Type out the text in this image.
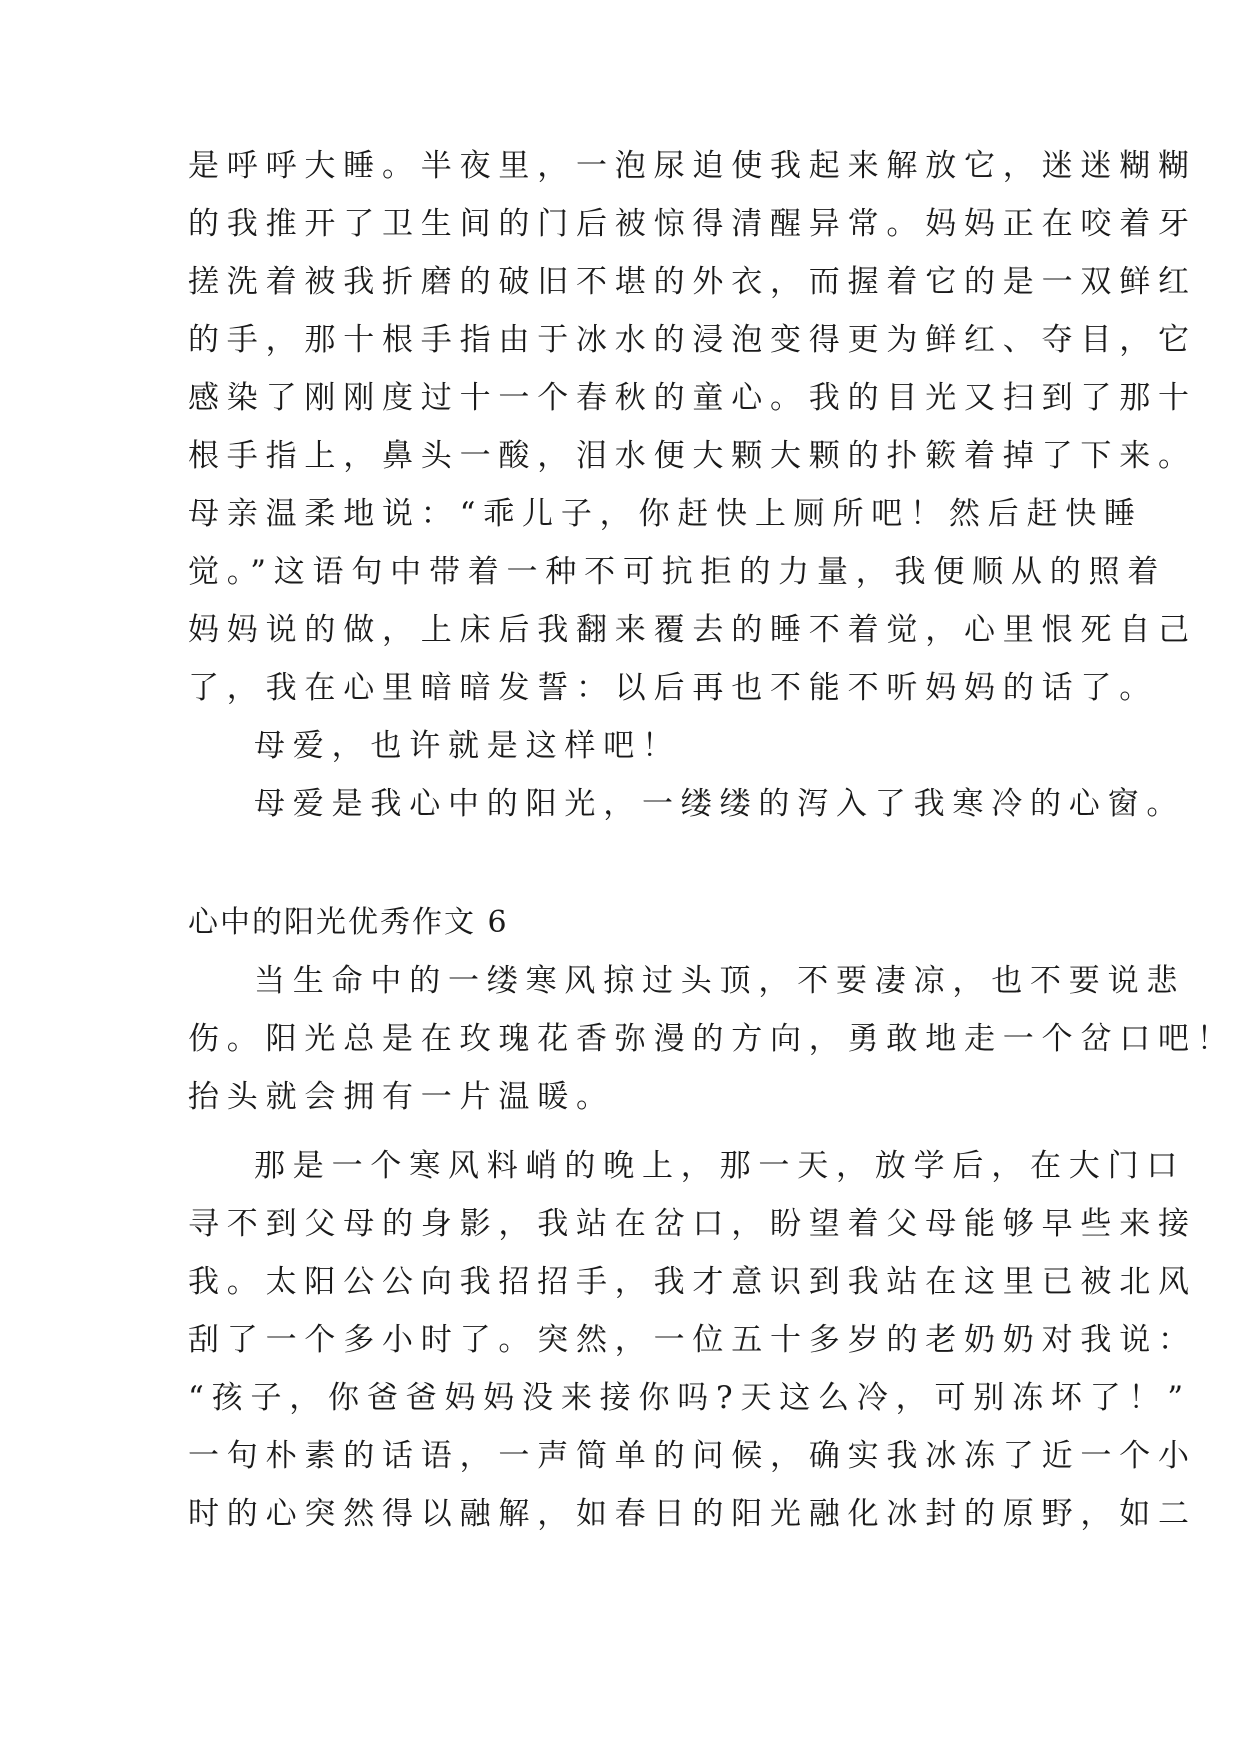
是呼呼大睡。半夜里，一泡尿迫使我起来解放它，迷迷糊糊
的我推开了卫生间的门后被惊得清醒异常。妈妈正在咬着牙
搓洗着被我折磨的破旧不堪的外衣，而握着它的是一双鲜红
的手，那十根手指由于冰水的浸泡变得更为鲜红、夺目，它
感染了刚刚度过十一个春秋的童心。我的目光又扫到了那十
根手指上，鼻头一酸，泪水便大颗大颗的扑簌着掉了下来。
母亲温柔地说：“乖儿子，你赶快上厕所吧！然后赶快睡
觉。”这语句中带着一种不可抗拒的力量，我便顺从的照着
妈妈说的做，上床后我翻来覆去的睡不着觉，心里恨死自己
了，我在心里暗暗发誓：以后再也不能不听妈妈的话了。
母爱，也许就是这样吧！
母爱是我心中的阳光，一缕缕的泻入了我寒冷的心窗。
心中的阳光优秀作文 6
当生命中的一缕寒风掠过头顶，不要凄凉，也不要说悲
伤。阳光总是在玫瑰花香弥漫的方向，勇敢地走一个岔口吧！
抬头就会拥有一片温暖。
那是一个寒风料峭的晚上，那一天，放学后，在大门口
寻不到父母的身影，我站在岔口，盼望着父母能够早些来接
我。太阳公公向我招招手，我才意识到我站在这里已被北风
刮了一个多小时了。突然，一位五十多岁的老奶奶对我说：
“孩子，你爸爸妈妈没来接你吗?天这么冷，可别冻坏了！”
一句朴素的话语，一声简单的问候，确实我冰冻了近一个小
时的心突然得以融解，如春日的阳光融化冰封的原野，如二
